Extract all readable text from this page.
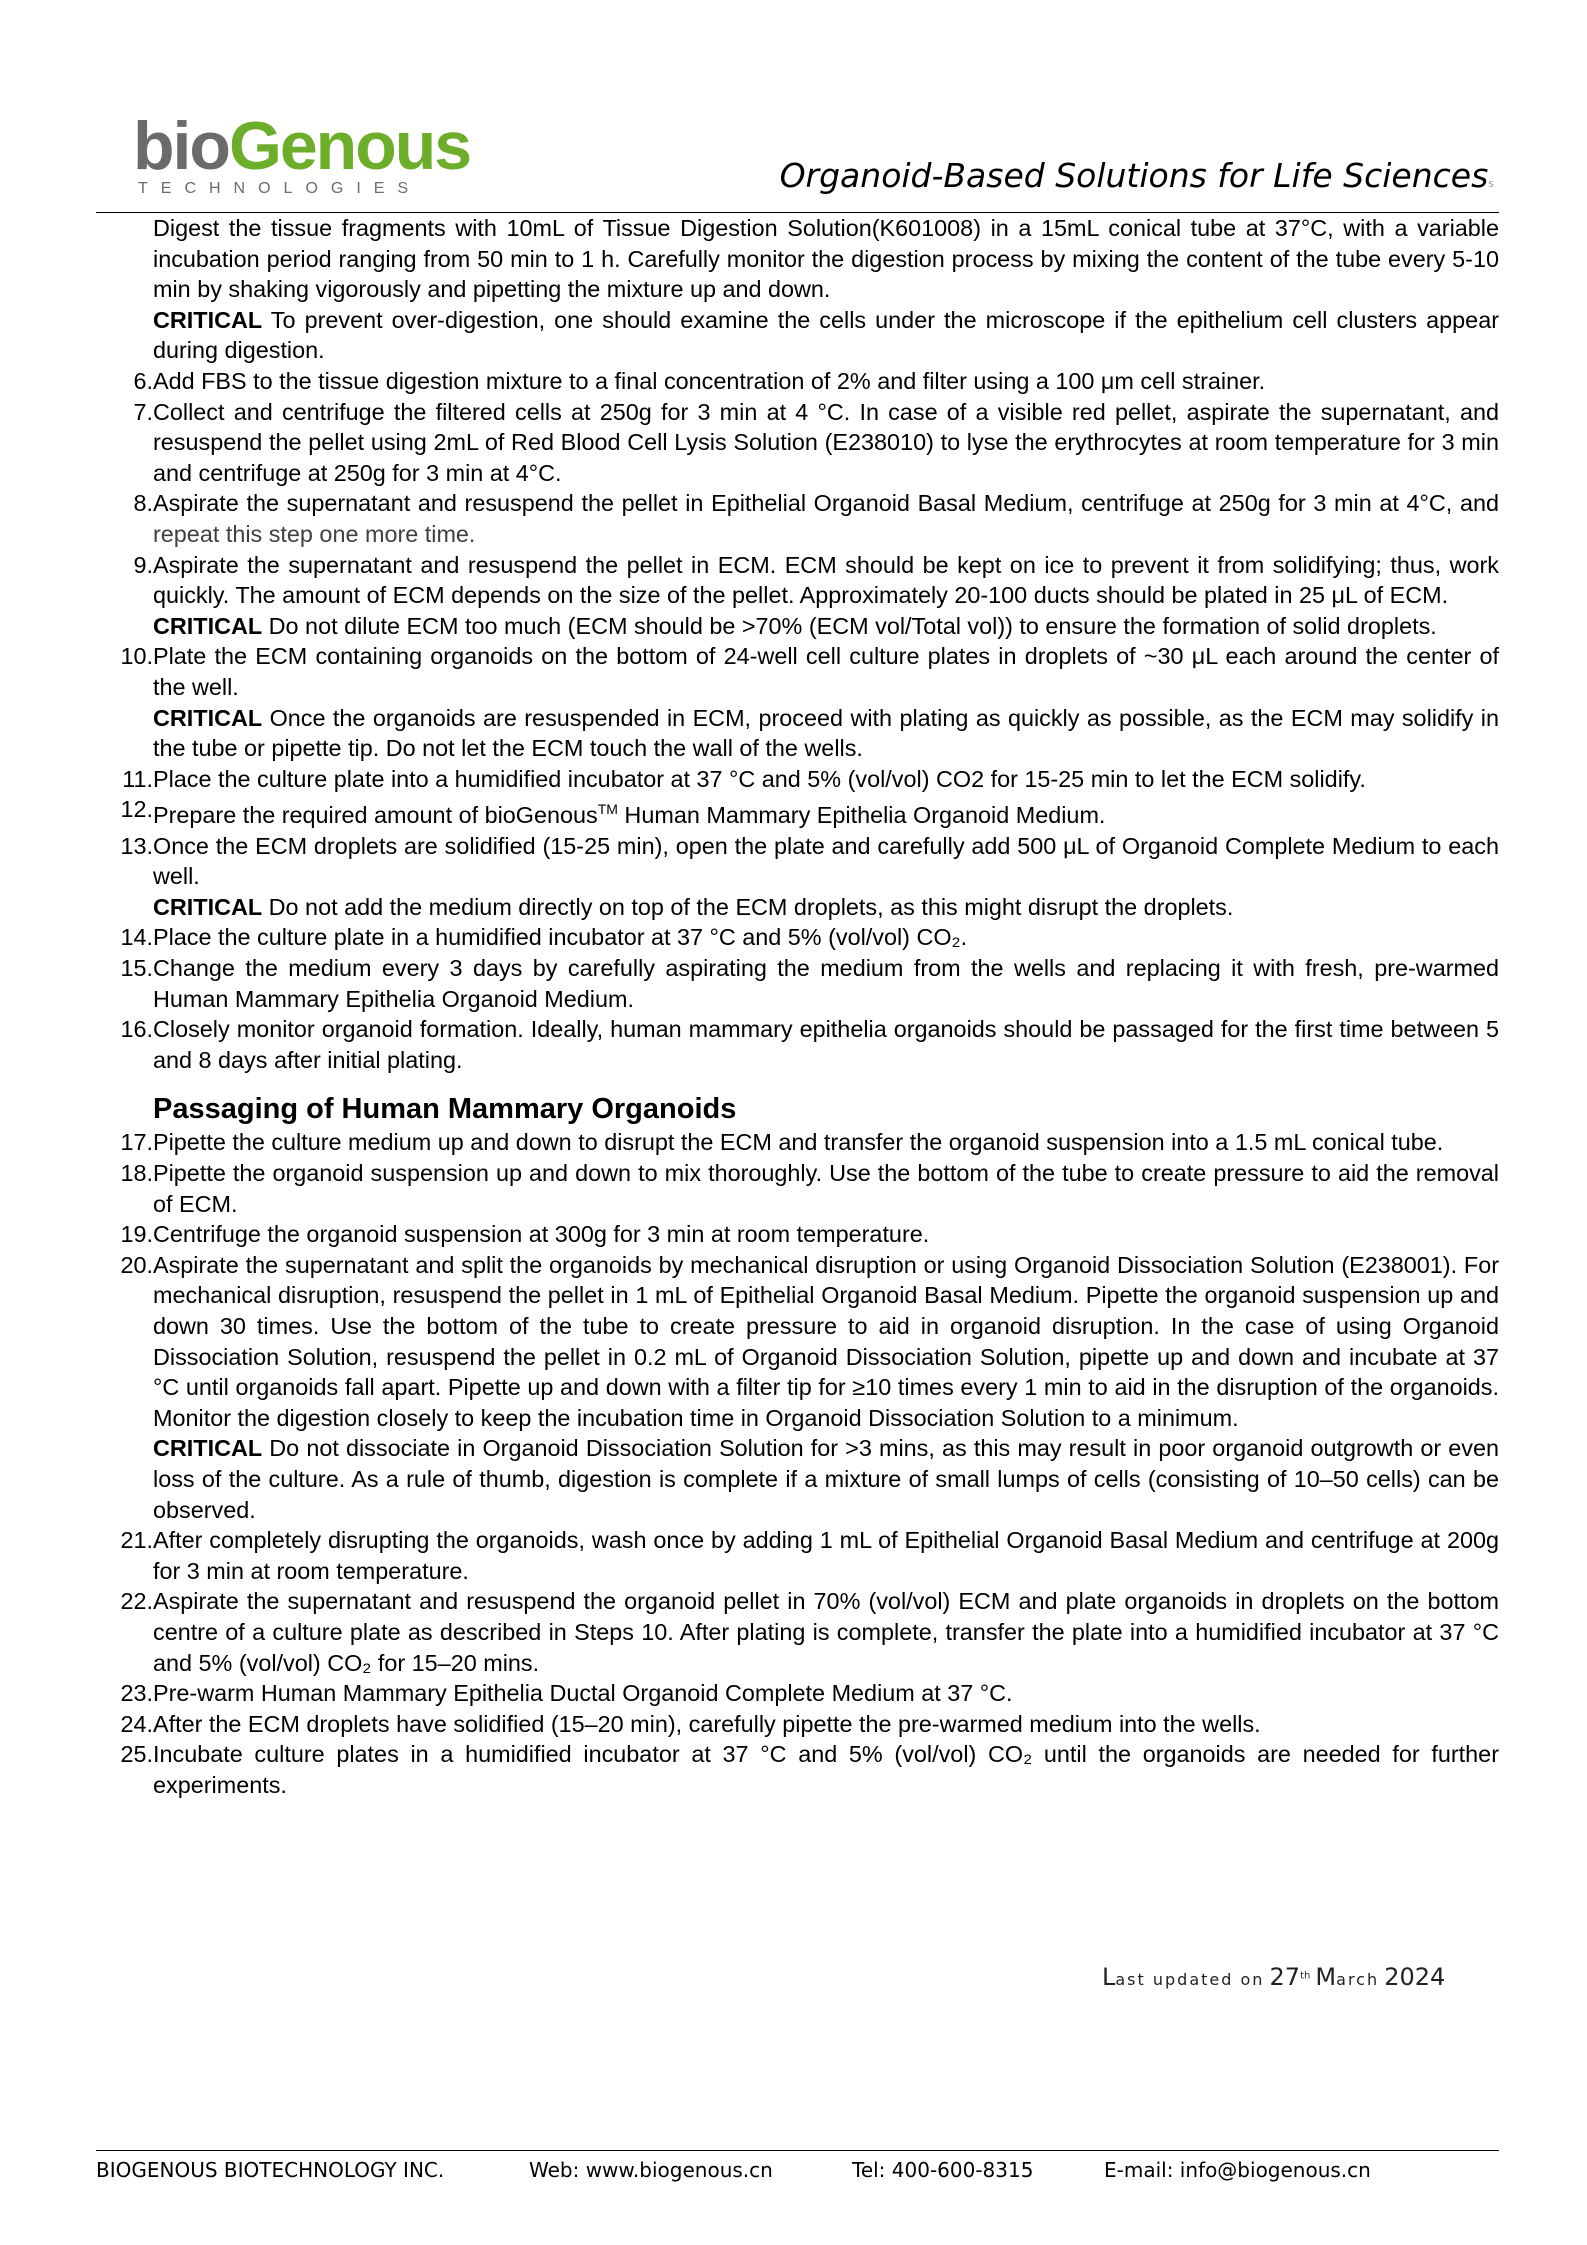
bioGenous
TECHNOLOGIES	Organoid-Based Solutions for Life Sciencess
Digest the tissue fragments with 10mL of Tissue Digestion Solution(K601008) in a 15mL conical tube at 37°C, with a variable incubation period ranging from 50 min to 1 h. Carefully monitor the digestion process by mixing the content of the tube every 5-10 min by shaking vigorously and pipetting the mixture up and down.
CRITICAL To prevent over-digestion, one should examine the cells under the microscope if the epithelium cell clusters appear during digestion.
6. Add FBS to the tissue digestion mixture to a final concentration of 2% and filter using a 100 μm cell strainer.
7. Collect and centrifuge the filtered cells at 250g for 3 min at 4 °C. In case of a visible red pellet, aspirate the supernatant, and resuspend the pellet using 2mL of Red Blood Cell Lysis Solution (E238010) to lyse the erythrocytes at room temperature for 3 min and centrifuge at 250g for 3 min at 4°C.
8. Aspirate the supernatant and resuspend the pellet in Epithelial Organoid Basal Medium, centrifuge at 250g for 3 min at 4°C, and repeat this step one more time.
9. Aspirate the supernatant and resuspend the pellet in ECM. ECM should be kept on ice to prevent it from solidifying; thus, work quickly. The amount of ECM depends on the size of the pellet. Approximately 20-100 ducts should be plated in 25 μL of ECM.
CRITICAL Do not dilute ECM too much (ECM should be >70% (ECM vol/Total vol)) to ensure the formation of solid droplets.
10. Plate the ECM containing organoids on the bottom of 24-well cell culture plates in droplets of ~30 μL each around the center of the well.
CRITICAL Once the organoids are resuspended in ECM, proceed with plating as quickly as possible, as the ECM may solidify in the tube or pipette tip. Do not let the ECM touch the wall of the wells.
11. Place the culture plate into a humidified incubator at 37 °C and 5% (vol/vol) CO2 for 15-25 min to let the ECM solidify.
12. Prepare the required amount of bioGenous™ Human Mammary Epithelia Organoid Medium.
13. Once the ECM droplets are solidified (15-25 min), open the plate and carefully add 500 μL of Organoid Complete Medium to each well.
CRITICAL Do not add the medium directly on top of the ECM droplets, as this might disrupt the droplets.
14. Place the culture plate in a humidified incubator at 37 °C and 5% (vol/vol) CO₂.
15. Change the medium every 3 days by carefully aspirating the medium from the wells and replacing it with fresh, pre-warmed Human Mammary Epithelia Organoid Medium.
16. Closely monitor organoid formation. Ideally, human mammary epithelia organoids should be passaged for the first time between 5 and 8 days after initial plating.
Passaging of Human Mammary Organoids
17. Pipette the culture medium up and down to disrupt the ECM and transfer the organoid suspension into a 1.5 mL conical tube.
18. Pipette the organoid suspension up and down to mix thoroughly. Use the bottom of the tube to create pressure to aid the removal of ECM.
19. Centrifuge the organoid suspension at 300g for 3 min at room temperature.
20. Aspirate the supernatant and split the organoids by mechanical disruption or using Organoid Dissociation Solution (E238001). For mechanical disruption, resuspend the pellet in 1 mL of Epithelial Organoid Basal Medium. Pipette the organoid suspension up and down 30 times. Use the bottom of the tube to create pressure to aid in organoid disruption. In the case of using Organoid Dissociation Solution, resuspend the pellet in 0.2 mL of Organoid Dissociation Solution, pipette up and down and incubate at 37 °C until organoids fall apart. Pipette up and down with a filter tip for ≥10 times every 1 min to aid in the disruption of the organoids. Monitor the digestion closely to keep the incubation time in Organoid Dissociation Solution to a minimum.
CRITICAL Do not dissociate in Organoid Dissociation Solution for >3 mins, as this may result in poor organoid outgrowth or even loss of the culture. As a rule of thumb, digestion is complete if a mixture of small lumps of cells (consisting of 10–50 cells) can be observed.
21. After completely disrupting the organoids, wash once by adding 1 mL of Epithelial Organoid Basal Medium and centrifuge at 200g for 3 min at room temperature.
22. Aspirate the supernatant and resuspend the organoid pellet in 70% (vol/vol) ECM and plate organoids in droplets on the bottom centre of a culture plate as described in Steps 10. After plating is complete, transfer the plate into a humidified incubator at 37 °C and 5% (vol/vol) CO₂ for 15–20 mins.
23. Pre-warm Human Mammary Epithelia Ductal Organoid Complete Medium at 37 °C.
24. After the ECM droplets have solidified (15–20 min), carefully pipette the pre-warmed medium into the wells.
25. Incubate culture plates in a humidified incubator at 37 °C and 5% (vol/vol) CO₂ until the organoids are needed for further experiments.
Last updated on 27th March 2024
BIOGENOUS BIOTECHNOLOGY INC.	Web: www.biogenous.cn	Tel: 400-600-8315	E-mail: info@biogenous.cn
